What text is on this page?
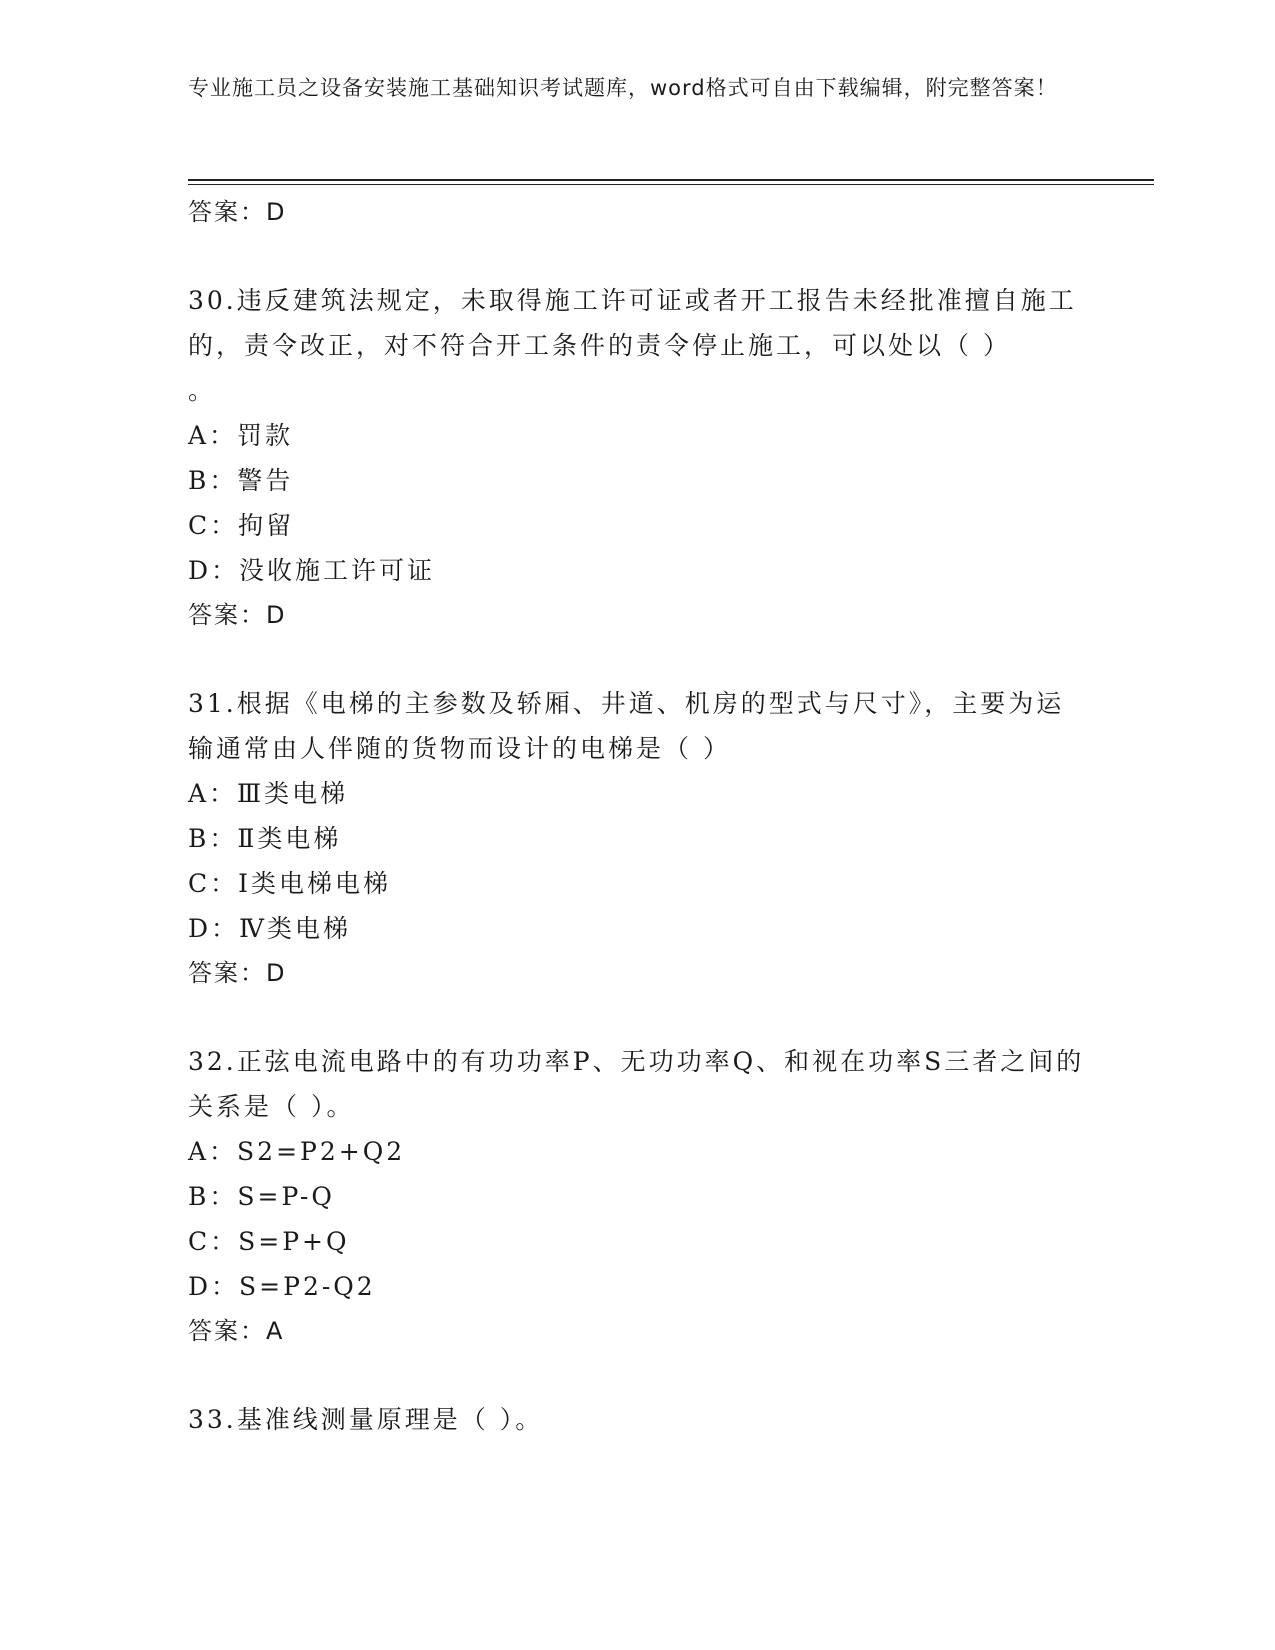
专业施工员之设备安装施工基础知识考试题库，word格式可自由下载编辑，附完整答案！
答案：D
30.违反建筑法规定，未取得施工许可证或者开工报告未经批准擅自施工的，责令改正，对不符合开工条件的责令停止施工，可以处以（ ）
。
A：罚款
B：警告
C：拘留
D：没收施工许可证
答案：D
31.根据《电梯的主参数及轿厢、井道、机房的型式与尺寸》，主要为运输通常由人伴随的货物而设计的电梯是（ ）
A：Ⅲ类电梯
B：Ⅱ类电梯
C：Ⅰ类电梯电梯
D：Ⅳ类电梯
答案：D
32.正弦电流电路中的有功功率P、无功功率Q、和视在功率S三者之间的关系是（ ）。
A：S2=P2+Q2
B：S=P-Q
C：S=P+Q
D：S=P2-Q2
答案：A
33.基准线测量原理是（ ）。
